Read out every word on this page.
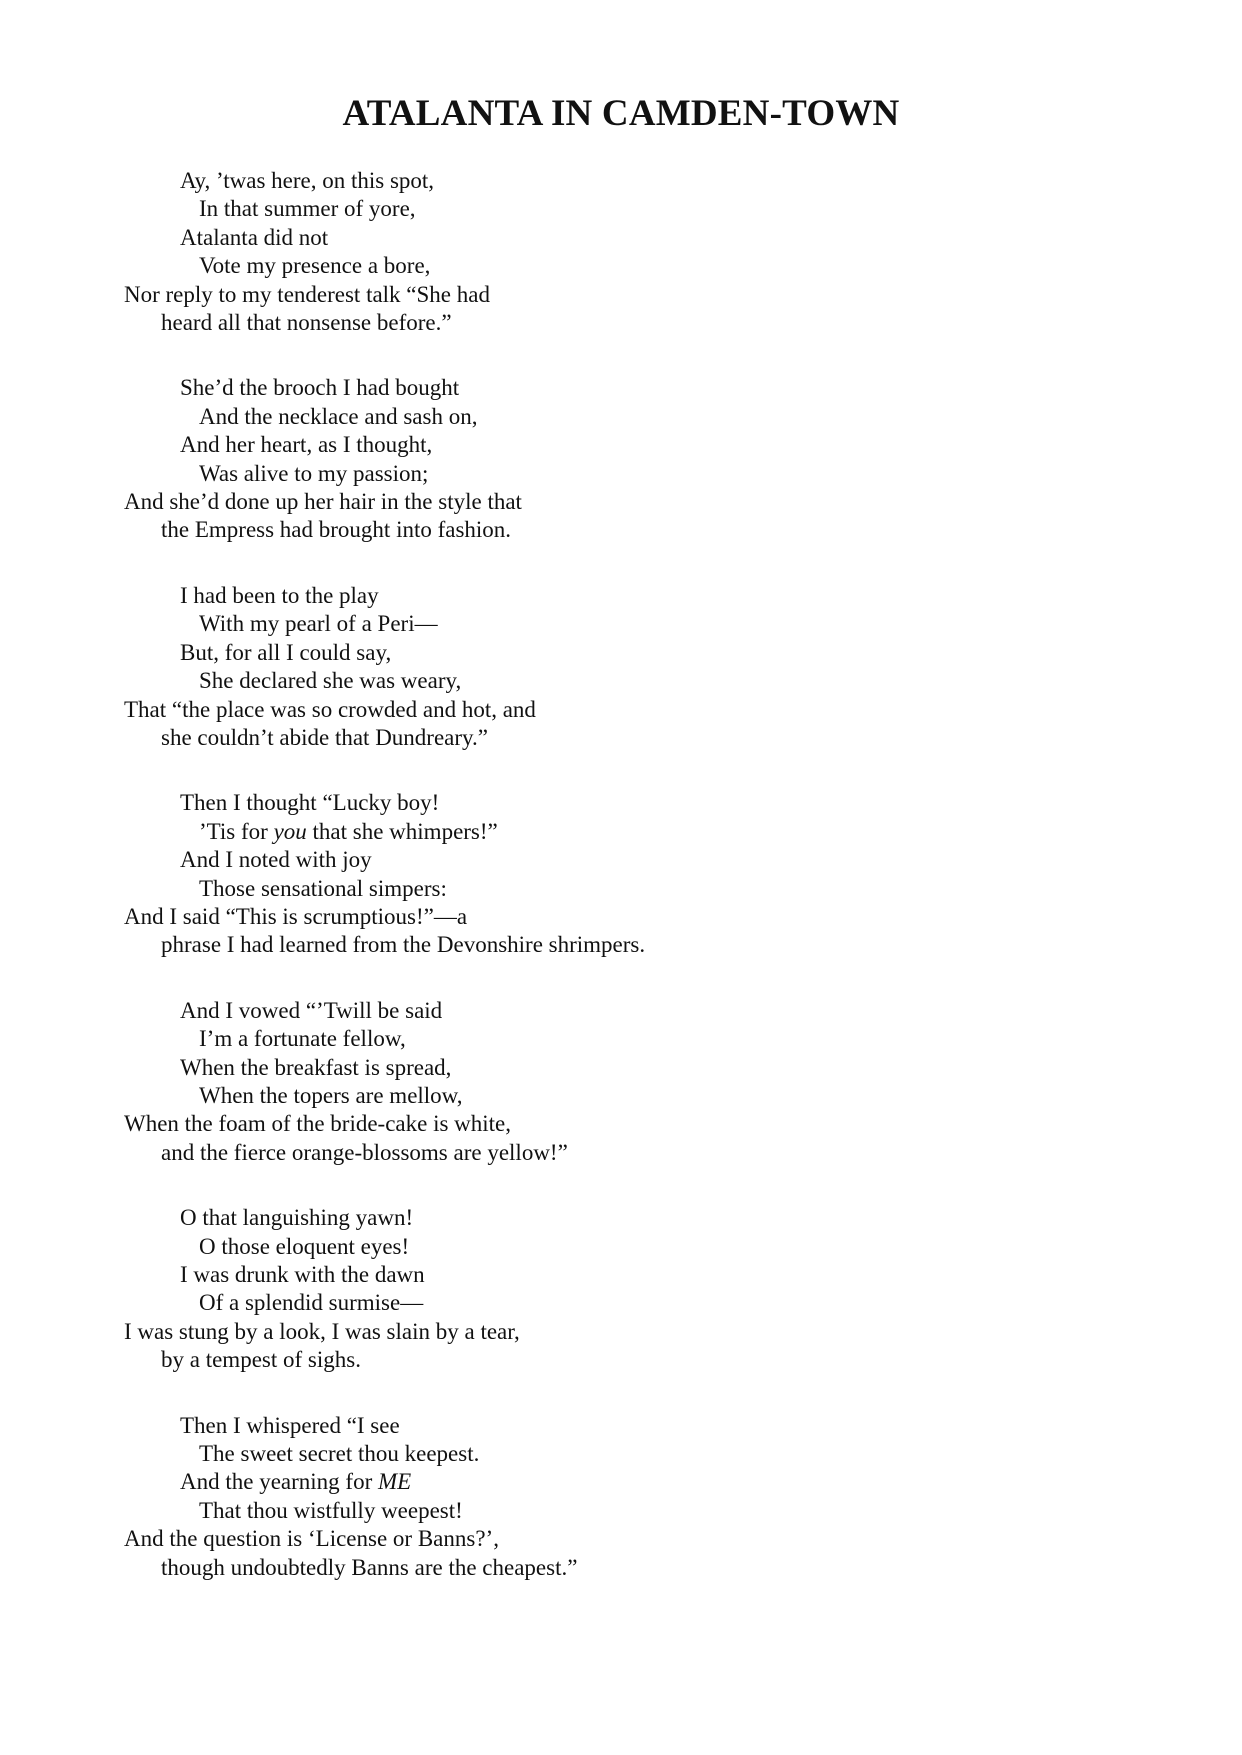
ATALANTA IN CAMDEN-TOWN
Ay, ’twas here, on this spot,
In that summer of yore,
Atalanta did not
Vote my presence a bore,
Nor reply to my tenderest talk “She had
heard all that nonsense before.”
She’d the brooch I had bought
And the necklace and sash on,
And her heart, as I thought,
Was alive to my passion;
And she’d done up her hair in the style that
the Empress had brought into fashion.
I had been to the play
With my pearl of a Peri—
But, for all I could say,
She declared she was weary,
That “the place was so crowded and hot, and
she couldn’t abide that Dundreary.”
Then I thought “Lucky boy!
’Tis for you that she whimpers!”
And I noted with joy
Those sensational simpers:
And I said “This is scrumptious!”—a
phrase I had learned from the Devonshire shrimpers.
And I vowed “’Twill be said
I’m a fortunate fellow,
When the breakfast is spread,
When the topers are mellow,
When the foam of the bride-cake is white,
and the fierce orange-blossoms are yellow!”
O that languishing yawn!
O those eloquent eyes!
I was drunk with the dawn
Of a splendid surmise—
I was stung by a look, I was slain by a tear,
by a tempest of sighs.
Then I whispered “I see
The sweet secret thou keepest.
And the yearning for ME
That thou wistfully weepest!
And the question is ‘License or Banns?’,
though undoubtedly Banns are the cheapest.”
